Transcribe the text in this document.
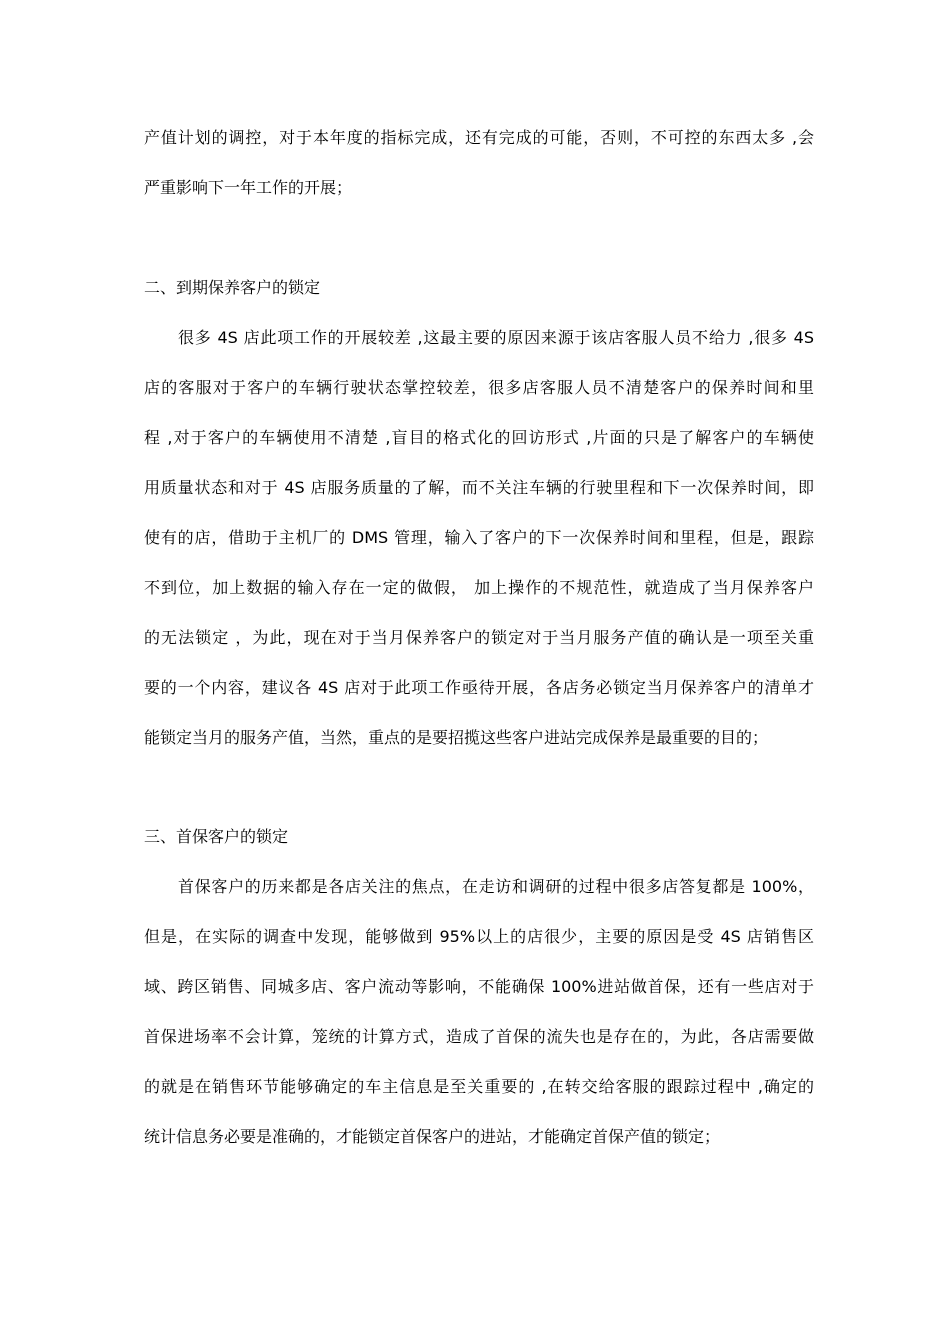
产值计划的调控，对于本年度的指标完成，还有完成的可能，否则，不可控的东西太多 ,会
严重影响下一年工作的开展；
二、到期保养客户的锁定
很多 4S 店此项工作的开展较差 ,这最主要的原因来源于该店客服人员不给力 ,很多 4S
店的客服对于客户的车辆行驶状态掌控较差，很多店客服人员不清楚客户的保养时间和里
程 ,对于客户的车辆使用不清楚 ,盲目的格式化的回访形式 ,片面的只是了解客户的车辆使
用质量状态和对于 4S 店服务质量的了解，而不关注车辆的行驶里程和下一次保养时间，即
使有的店，借助于主机厂的 DMS 管理，输入了客户的下一次保养时间和里程，但是，跟踪
不到位，加上数据的输入存在一定的做假， 加上操作的不规范性，就造成了当月保养客户
的无法锁定 ，为此，现在对于当月保养客户的锁定对于当月服务产值的确认是一项至关重
要的一个内容，建议各 4S 店对于此项工作亟待开展，各店务必锁定当月保养客户的清单才
能锁定当月的服务产值，当然，重点的是要招揽这些客户进站完成保养是最重要的目的；
三、首保客户的锁定
首保客户的历来都是各店关注的焦点，在走访和调研的过程中很多店答复都是 100%，
但是，在实际的调查中发现，能够做到 95%以上的店很少，主要的原因是受 4S 店销售区
域、跨区销售、同城多店、客户流动等影响，不能确保 100%进站做首保，还有一些店对于
首保进场率不会计算，笼统的计算方式，造成了首保的流失也是存在的，为此，各店需要做
的就是在销售环节能够确定的车主信息是至关重要的 ,在转交给客服的跟踪过程中 ,确定的
统计信息务必要是准确的，才能锁定首保客户的进站，才能确定首保产值的锁定；
